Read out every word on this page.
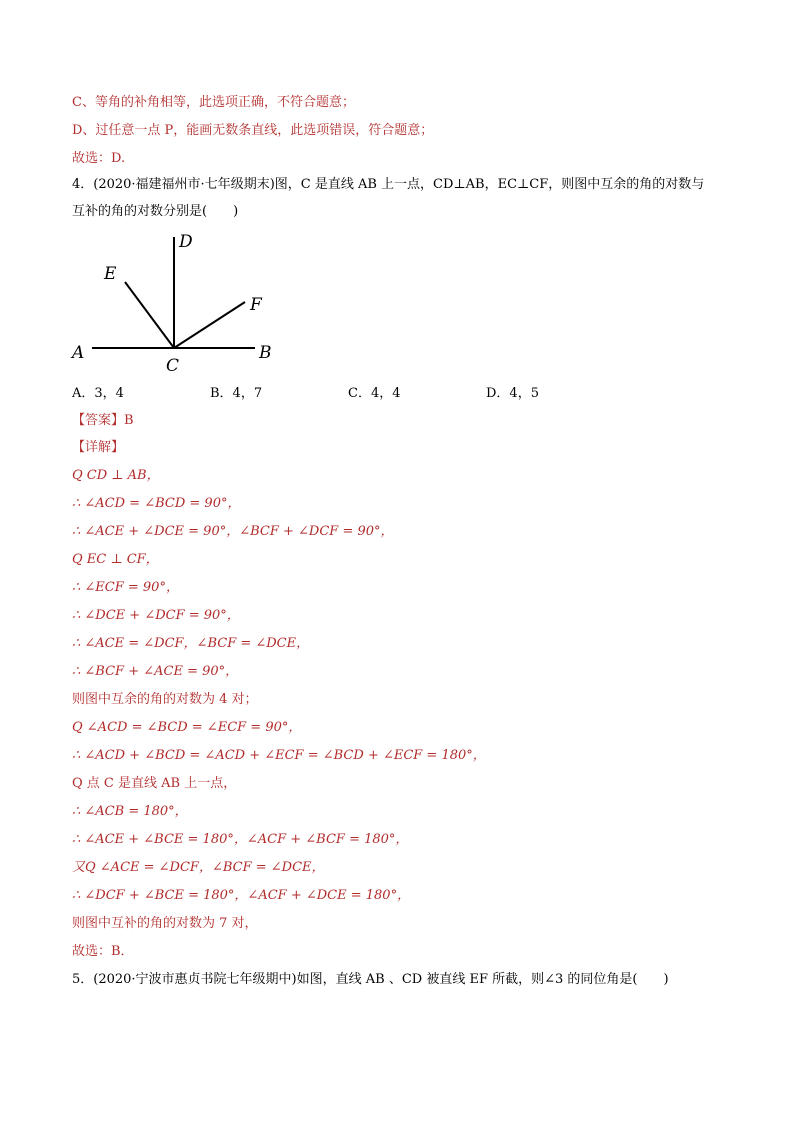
C、等角的补角相等，此选项正确，不符合题意；
D、过任意一点 P，能画无数条直线，此选项错误，符合题意；
故选：D.
4．(2020·福建福州市·七年级期末)图，C 是直线 AB 上一点，CD⊥AB，EC⊥CF，则图中互余的角的对数与
互补的角的对数分别是(　　)
A	B
C
D
E
F
A．3，4	B．4，7	C．4，4	D．4，5
【答案】B
【详解】
Q CD ⊥ AB，
∴ ∠ACD = ∠BCD = 90°，
∴ ∠ACE + ∠DCE = 90°，∠BCF + ∠DCF = 90°，
Q EC ⊥ CF，
∴ ∠ECF = 90°，
∴ ∠DCE + ∠DCF = 90°，
∴ ∠ACE = ∠DCF，∠BCF = ∠DCE，
∴ ∠BCF + ∠ACE = 90°，
则图中互余的角的对数为 4 对；
Q ∠ACD = ∠BCD = ∠ECF = 90°，
∴ ∠ACD + ∠BCD = ∠ACD + ∠ECF = ∠BCD + ∠ECF = 180°，
Q 点 C 是直线 AB 上一点，
∴ ∠ACB = 180°，
∴ ∠ACE + ∠BCE = 180°，∠ACF + ∠BCF = 180°，
又Q ∠ACE = ∠DCF，∠BCF = ∠DCE，
∴ ∠DCF + ∠BCE = 180°，∠ACF + ∠DCE = 180°，
则图中互补的角的对数为 7 对，
故选：B．
5．(2020·宁波市惠贞书院七年级期中)如图，直线 AB 、CD 被直线 EF 所截，则∠3 的同位角是(　　)
